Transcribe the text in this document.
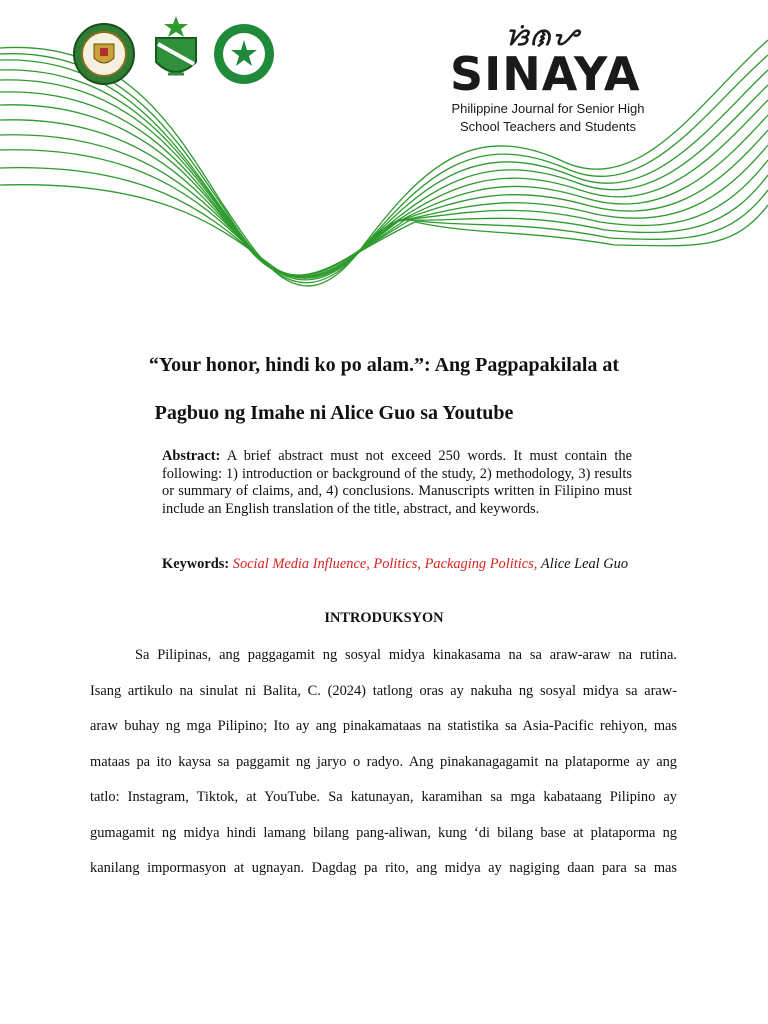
ᜐᜒᜈᜌ
SINAYA
Philippine Journal for Senior High
School Teachers and Students
“Your honor, hindi ko po alam.”: Ang Pagpapakilala at
Pagbuo ng Imahe ni Alice Guo sa Youtube
Abstract: A brief abstract must not exceed 250 words. It must contain the following: 1) introduction or background of the study, 2) methodology, 3) results or summary of claims, and, 4) conclusions. Manuscripts written in Filipino must include an English translation of the title, abstract, and keywords.
Keywords: Social Media Influence, Politics, Packaging Politics, Alice Leal Guo
INTRODUKSYON
Sa Pilipinas, ang paggagamit ng sosyal midya kinakasama na sa araw-araw na rutina.
Isang artikulo na sinulat ni Balita, C. (2024) tatlong oras ay nakuha ng sosyal midya sa araw-
araw buhay ng mga Pilipino; Ito ay ang pinakamataas na statistika sa Asia-Pacific rehiyon, mas
mataas pa ito kaysa sa paggamit ng jaryo o radyo. Ang pinakanagagamit na plataporme ay ang
tatlo: Instagram, Tiktok, at YouTube. Sa katunayan, karamihan sa mga kabataang Pilipino ay
gumagamit ng midya hindi lamang bilang pang-aliwan, kung ‘di bilang base at plataporma ng
kanilang impormasyon at ugnayan. Dagdag pa rito, ang midya ay nagiging daan para sa mas
